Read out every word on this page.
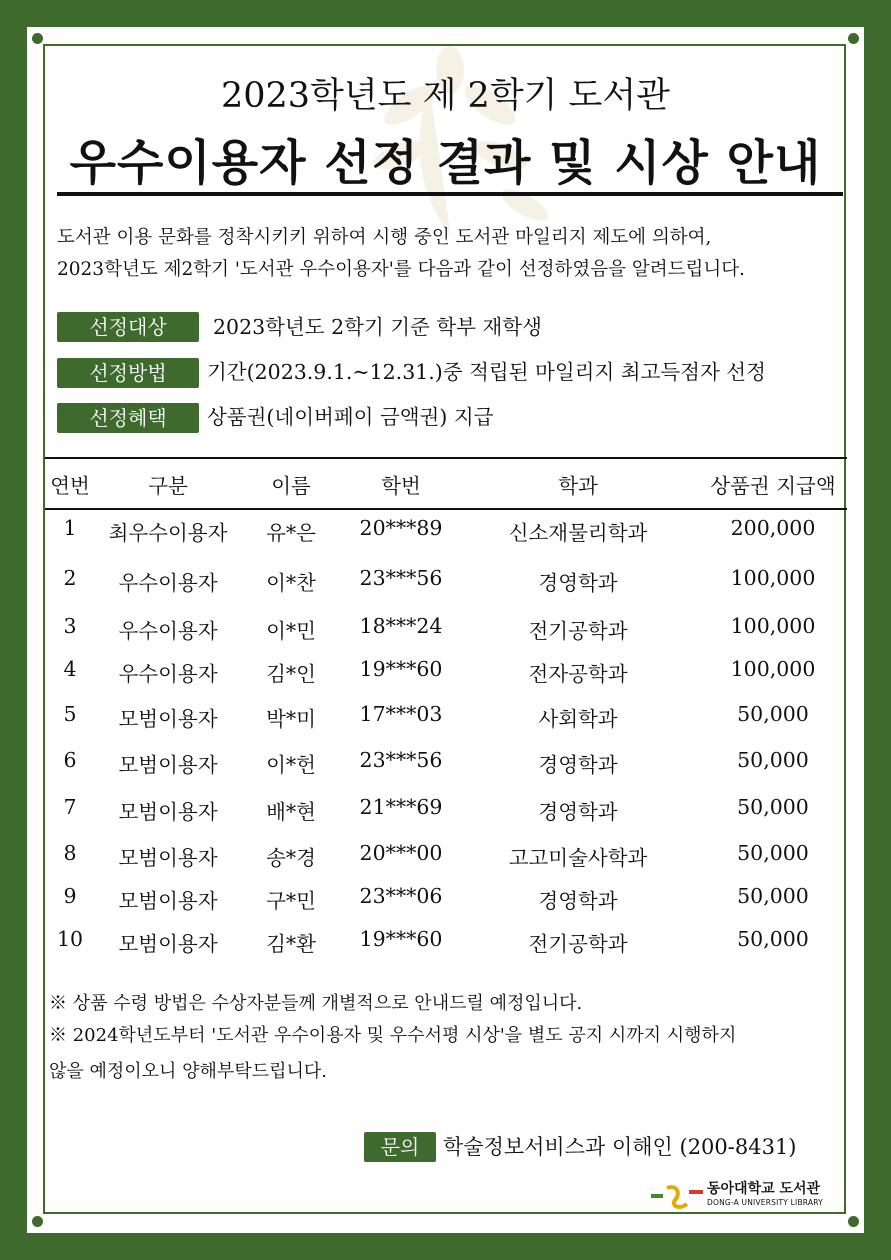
2023학년도 제 2학기 도서관
우수이용자 선정 결과 및 시상 안내
도서관 이용 문화를 정착시키키 위하여 시행 중인 도서관 마일리지 제도에 의하여,
2023학년도 제2학기 '도서관 우수이용자'를 다음과 같이 선정하였음을 알려드립니다.
선정대상	2023학년도 2학기 기준 학부 재학생
선정방법	기간(2023.9.1.~12.31.)중 적립된 마일리지 최고득점자 선정
선정혜택	상품권(네이버페이 금액권) 지급
연번	구분	이름	학번	학과	상품권 지급액
1	최우수이용자	유*은	20***89	신소재물리학과	200,000
2	우수이용자	이*찬	23***56	경영학과	100,000
3	우수이용자	이*민	18***24	전기공학과	100,000
4	우수이용자	김*인	19***60	전자공학과	100,000
5	모범이용자	박*미	17***03	사회학과	50,000
6	모범이용자	이*헌	23***56	경영학과	50,000
7	모범이용자	배*현	21***69	경영학과	50,000
8	모범이용자	송*경	20***00	고고미술사학과	50,000
9	모범이용자	구*민	23***06	경영학과	50,000
10	모범이용자	김*환	19***60	전기공학과	50,000
※ 상품 수령 방법은 수상자분들께 개별적으로 안내드릴 예정입니다.
※ 2024학년도부터 '도서관 우수이용자 및 우수서평 시상'을 별도 공지 시까지 시행하지
않을 예정이오니 양해부탁드립니다.
문의	학술정보서비스과 이해인 (200-8431)
동아대학교 도서관
DONG-A UNIVERSITY LIBRARY
